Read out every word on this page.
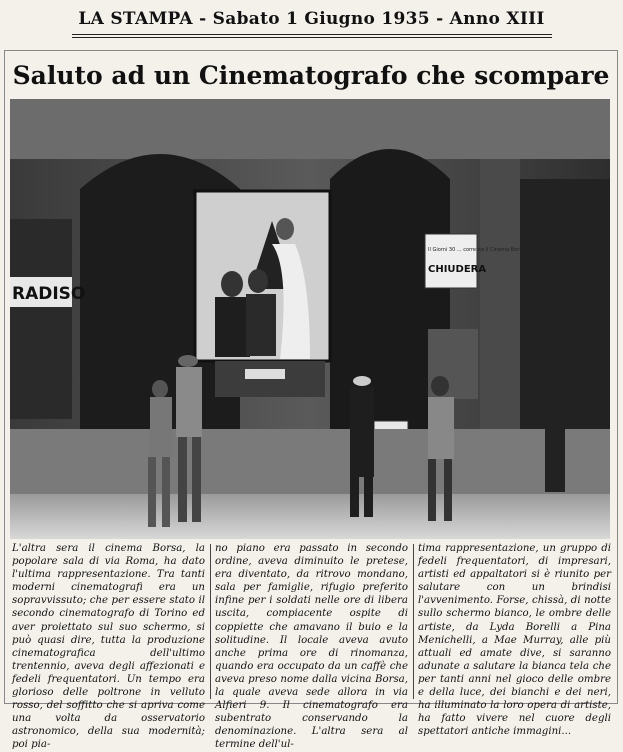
LA STAMPA - Sabato 1 Giugno 1935 - Anno XIII
Saluto ad un Cinematografo che scompare
RADISO
Il Giorni 30 ... corrente il Cinema Borsa
CHIUDERA
L'altra sera il cinema Borsa, la popolare sala di via Roma, ha dato l'ultima rappresentazione. Tra tanti moderni cinematografi era un sopravvissuto; che per essere stato il secondo cinematografo di Torino ed aver proiettato sul suo schermo, si può quasi dire, tutta la produzione cinematografica dell'ultimo trentennio, aveva degli affezionati e fedeli frequentatori. Un tempo era glorioso delle poltrone in velluto rosso, del soffitto che si apriva come una volta da osservatorio astronomico, della sua modernità; poi pia-
no piano era passato in secondo ordine, aveva diminuito le pretese, era diventato, da ritrovo mondano, sala per famiglie, rifugio preferito infine per i soldati nelle ore di libera uscita, compiacente ospite di coppiette che amavano il buio e la solitudine. Il locale aveva avuto anche prima ore di rinomanza, quando era occupato da un caffè che aveva preso nome dalla vicina Borsa, la quale aveva sede allora in via Alfieri 9. Il cinematografo era subentrato conservando la denominazione. L'altra sera al termine dell'ul-
tima rappresentazione, un gruppo di fedeli frequentatori, di impresari, artisti ed appaltatori si è riunito per salutare con un brindisi l'avvenimento. Forse, chissà, di notte sullo schermo bianco, le ombre delle artiste, da Lyda Borelli a Pina Menichelli, a Mae Murray, alle più attuali ed amate dive, si saranno adunate a salutare la bianca tela che per tanti anni nel gioco delle ombre e della luce, dei bianchi e dei neri, ha illuminato la loro opera di artiste, ha fatto vivere nel cuore degli spettatori antiche immagini...
